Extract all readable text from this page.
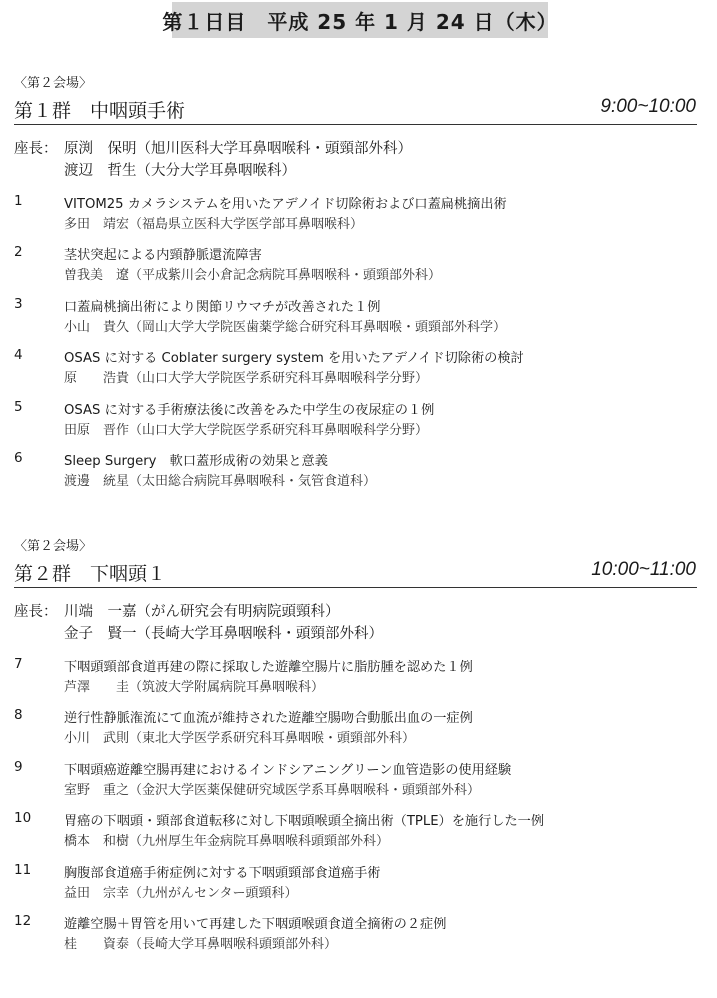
第１日目　平成 25 年 1 月 24 日（木）
〈第２会場〉
第１群　中咽頭手術	9:00~10:00
座長： 原渕　保明（旭川医科大学耳鼻咽喉科・頭頸部外科）
渡辺　哲生（大分大学耳鼻咽喉科）
1	VITOM25 カメラシステムを用いたアデノイド切除術および口蓋扁桃摘出術
多田　靖宏（福島県立医科大学医学部耳鼻咽喉科）
2	茎状突起による内頸静脈還流障害
曽我美　遼（平成紫川会小倉記念病院耳鼻咽喉科・頭頸部外科）
3	口蓋扁桃摘出術により関節リウマチが改善された１例
小山　貴久（岡山大学大学院医歯薬学総合研究科耳鼻咽喉・頭頸部外科学）
4	OSAS に対する Coblater surgery system を用いたアデノイド切除術の検討
原　　浩貴（山口大学大学院医学系研究科耳鼻咽喉科学分野）
5	OSAS に対する手術療法後に改善をみた中学生の夜尿症の１例
田原　晋作（山口大学大学院医学系研究科耳鼻咽喉科学分野）
6	Sleep Surgery　軟口蓋形成術の効果と意義
渡邊　統星（太田総合病院耳鼻咽喉科・気管食道科）
〈第２会場〉
第２群　下咽頭１	10:00~11:00
座長： 川端　一嘉（がん研究会有明病院頭頸科）
金子　賢一（長崎大学耳鼻咽喉科・頭頸部外科）
7	下咽頭頸部食道再建の際に採取した遊離空腸片に脂肪腫を認めた１例
芦澤　　圭（筑波大学附属病院耳鼻咽喉科）
8	逆行性静脈潅流にて血流が維持された遊離空腸吻合動脈出血の一症例
小川　武則（東北大学医学系研究科耳鼻咽喉・頭頸部外科）
9	下咽頭癌遊離空腸再建におけるインドシアニングリーン血管造影の使用経験
室野　重之（金沢大学医薬保健研究域医学系耳鼻咽喉科・頭頸部外科）
10 胃癌の下咽頭・頸部食道転移に対し下咽頭喉頭全摘出術（TPLE）を施行した一例
橋本　和樹（九州厚生年金病院耳鼻咽喉科頭頸部外科）
11 胸腹部食道癌手術症例に対する下咽頭頸部食道癌手術
益田　宗幸（九州がんセンター頭頸科）
12 遊離空腸＋胃管を用いて再建した下咽頭喉頭食道全摘術の２症例
桂　　資泰（長崎大学耳鼻咽喉科頭頸部外科）
